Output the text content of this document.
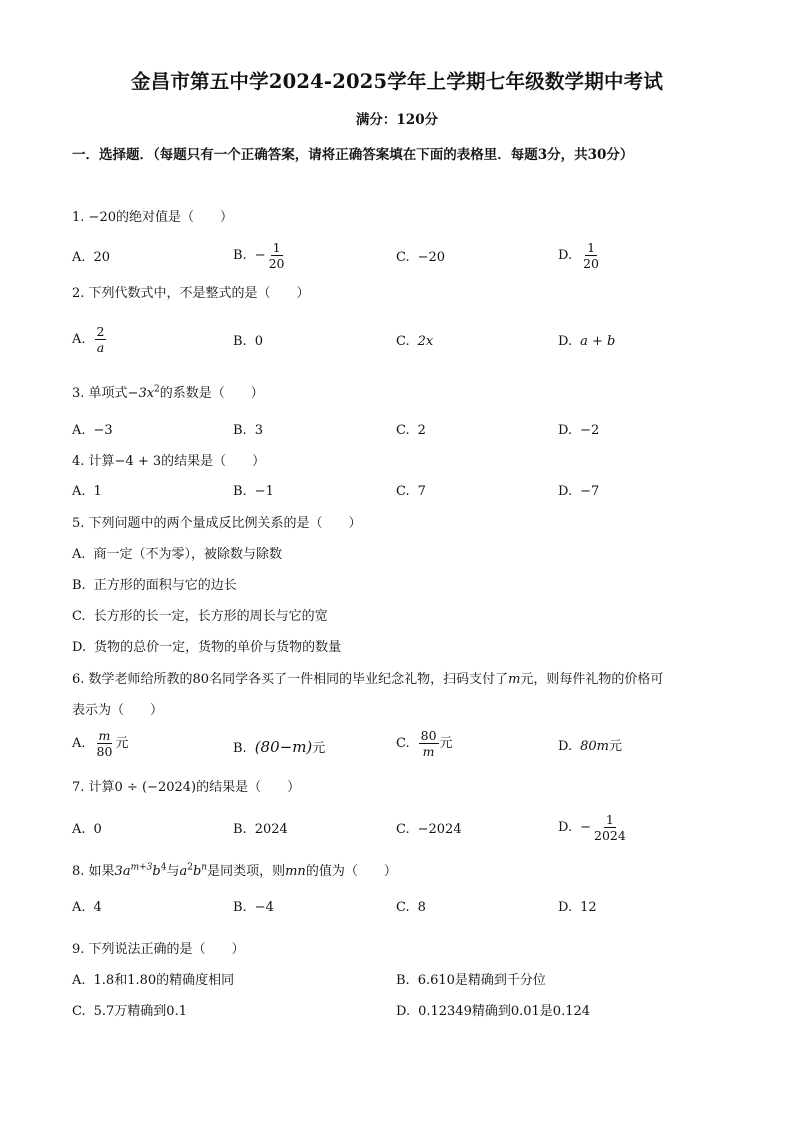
金昌市第五中学2024-2025学年上学期七年级数学期中考试
满分：120分
一．选择题．（每题只有一个正确答案，请将正确答案填在下面的表格里．每题3分，共30分）
1. −20的绝对值是（　　）
A. 20	B. − $\frac{1}{20}$	C. −20	D. $\frac{1}{20}$
2. 下列代数式中，不是整式的是（　　）
A. $\frac{2}{a}$	B. 0	C. 2x	D. a + b
3. 单项式$-3x^2$的系数是（　　）
A. −3	B. 3	C. 2	D. −2
4. 计算−4 + 3的结果是（　　）
A. 1	B. −1	C. 7	D. −7
5. 下列问题中的两个量成反比例关系的是（　　）
A. 商一定（不为零），被除数与除数
B. 正方形的面积与它的边长
C. 长方形的长一定，长方形的周长与它的宽
D. 货物的总价一定，货物的单价与货物的数量
6. 数学老师给所教的80名同学各买了一件相同的毕业纪念礼物，扫码支付了m元，则每件礼物的价格可
表示为（　　）
A. $\frac{m}{80}$ 元	B. (80−m)元	C. $\frac{80}{m}$ 元	D. 80m元
7. 计算0 ÷ (−2024)的结果是（　　）
A. 0	B. 2024	C. −2024	D. − $\frac{1}{2024}$
8. 如果$3a^{m+3}b^4$与$a^2b^n$是同类项，则mn的值为（　　）
A. 4	B. −4	C. 8	D. 12
9. 下列说法正确的是（　　）
A. 1.8和1.80的精确度相同	B. 6.610是精确到千分位
C. 5.7万精确到0.1	D. 0.12349精确到0.01是0.124
